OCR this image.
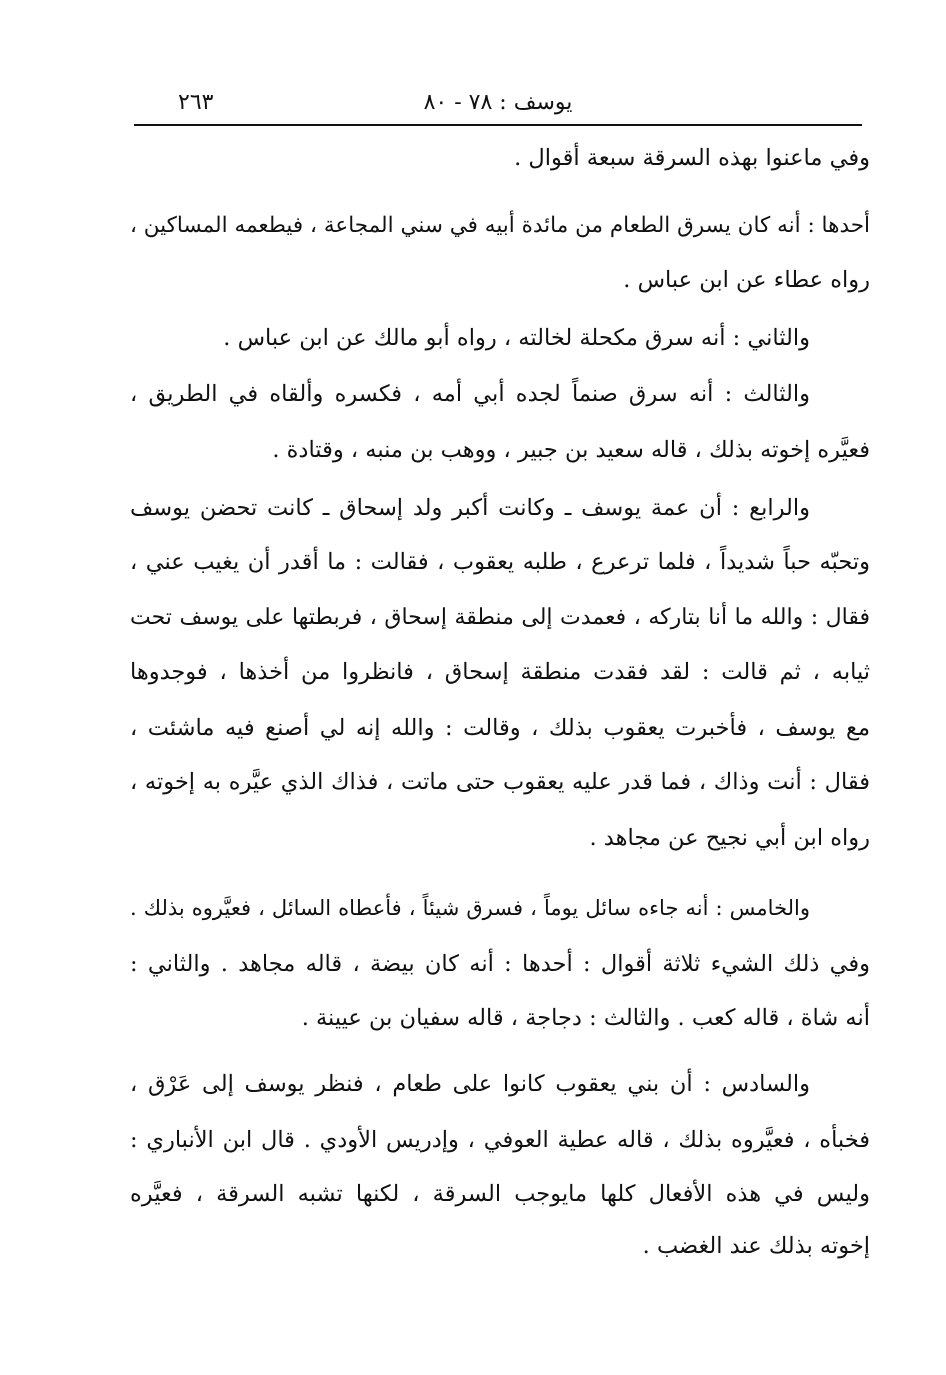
٢٦٣	يوسف : ٧٨ - ٨٠
وفي ماعنوا بهذه السرقة سبعة أقوال .
أحدها : أنه كان يسرق الطعام من مائدة أبيه في سني المجاعة ، فيطعمه المساكين ،
رواه عطاء عن ابن عباس .
والثاني : أنه سرق مكحلة لخالته ، رواه أبو مالك عن ابن عباس .
والثالث : أنه سرق صنماً لجده أبي أمه ، فكسره وألقاه في الطريق ،
فعيَّره إخوته بذلك ، قاله سعيد بن جبير ، ووهب بن منبه ، وقتادة .
والرابع : أن عمة يوسف ـ وكانت أكبر ولد إسحاق ـ كانت تحضن يوسف
وتحبّه حباً شديداً ، فلما ترعرع ، طلبه يعقوب ، فقالت : ما أقدر أن يغيب عني ،
فقال : والله ما أنا بتاركه ، فعمدت إلى منطقة إسحاق ، فربطتها على يوسف تحت
ثيابه ، ثم قالت : لقد فقدت منطقة إسحاق ، فانظروا من أخذها ، فوجدوها
مع يوسف ، فأخبرت يعقوب بذلك ، وقالت : والله إنه لي أصنع فيه ماشئت ،
فقال : أنت وذاك ، فما قدر عليه يعقوب حتى ماتت ، فذاك الذي عيَّره به إخوته ،
رواه ابن أبي نجيح عن مجاهد .
والخامس : أنه جاءه سائل يوماً ، فسرق شيئاً ، فأعطاه السائل ، فعيَّروه بذلك .
وفي ذلك الشيء ثلاثة أقوال : أحدها : أنه كان بيضة ، قاله مجاهد . والثاني :
أنه شاة ، قاله كعب . والثالث : دجاجة ، قاله سفيان بن عيينة .
والسادس : أن بني يعقوب كانوا على طعام ، فنظر يوسف إلى عَرْق ،
فخبأه ، فعيَّروه بذلك ، قاله عطية العوفي ، وإدريس الأودي . قال ابن الأنباري :
وليس في هذه الأفعال كلها مايوجب السرقة ، لكنها تشبه السرقة ، فعيَّره
إخوته بذلك عند الغضب .
